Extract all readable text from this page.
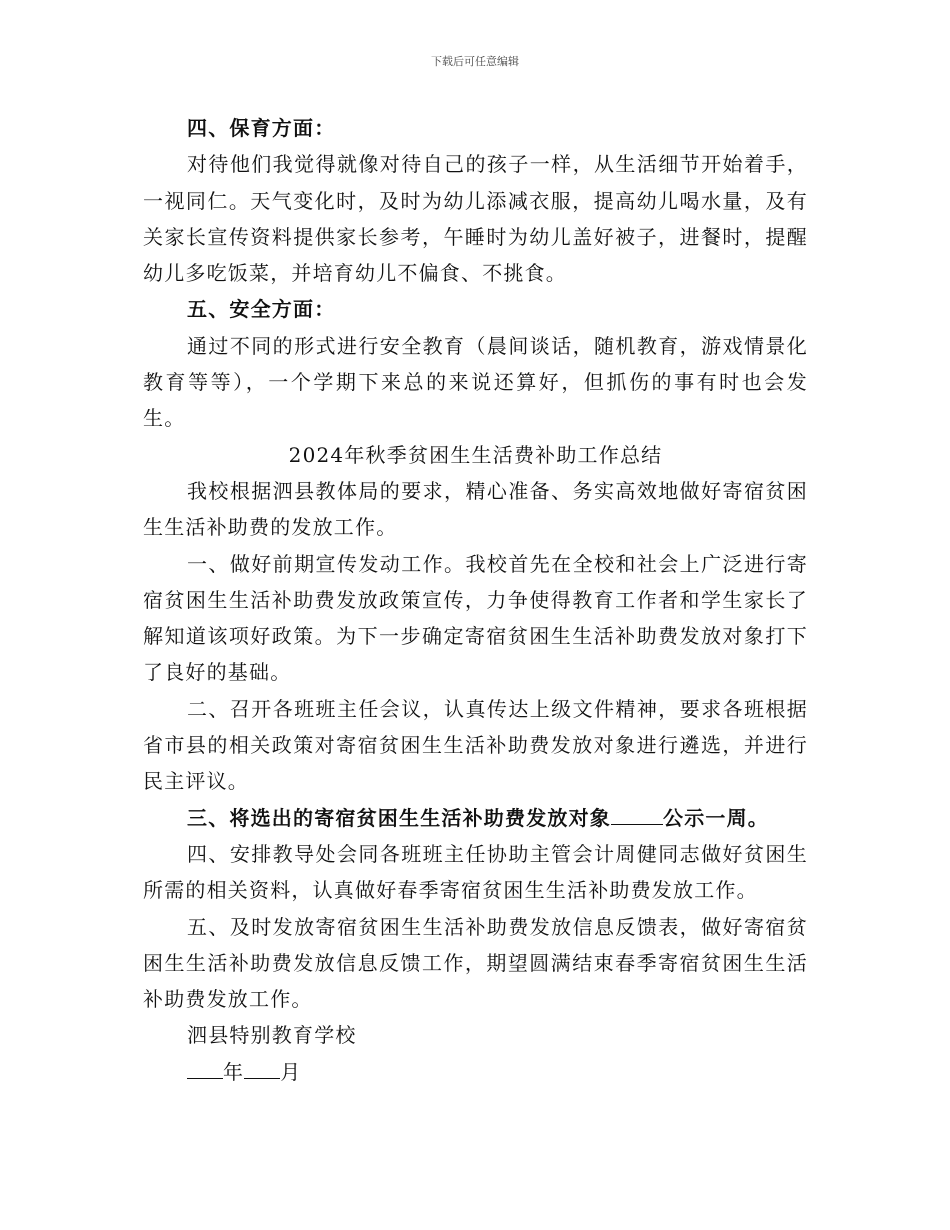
下载后可任意编辑

四、保育方面：

对待他们我觉得就像对待自己的孩子一样，从生活细节开始着手，一视同仁。天气变化时，及时为幼儿添减衣服，提高幼儿喝水量，及有关家长宣传资料提供家长参考，午睡时为幼儿盖好被子，进餐时，提醒幼儿多吃饭菜，并培育幼儿不偏食、不挑食。

五、安全方面：

通过不同的形式进行安全教育（晨间谈话，随机教育，游戏情景化教育等等），一个学期下来总的来说还算好，但抓伤的事有时也会发生。

2024年秋季贫困生生活费补助工作总结

我校根据泗县教体局的要求，精心准备、务实高效地做好寄宿贫困生生活补助费的发放工作。

一、做好前期宣传发动工作。我校首先在全校和社会上广泛进行寄宿贫困生生活补助费发放政策宣传，力争使得教育工作者和学生家长了解知道该项好政策。为下一步确定寄宿贫困生生活补助费发放对象打下了良好的基础。

二、召开各班班主任会议，认真传达上级文件精神，要求各班根据省市县的相关政策对寄宿贫困生生活补助费发放对象进行遴选，并进行民主评议。

三、将选出的寄宿贫困生生活补助费发放对象	公示一周。

四、安排教导处会同各班班主任协助主管会计周健同志做好贫困生所需的相关资料，认真做好春季寄宿贫困生生活补助费发放工作。

五、及时发放寄宿贫困生生活补助费发放信息反馈表，做好寄宿贫困生生活补助费发放信息反馈工作，期望圆满结束春季寄宿贫困生生活补助费发放工作。

泗县特别教育学校

年 月
